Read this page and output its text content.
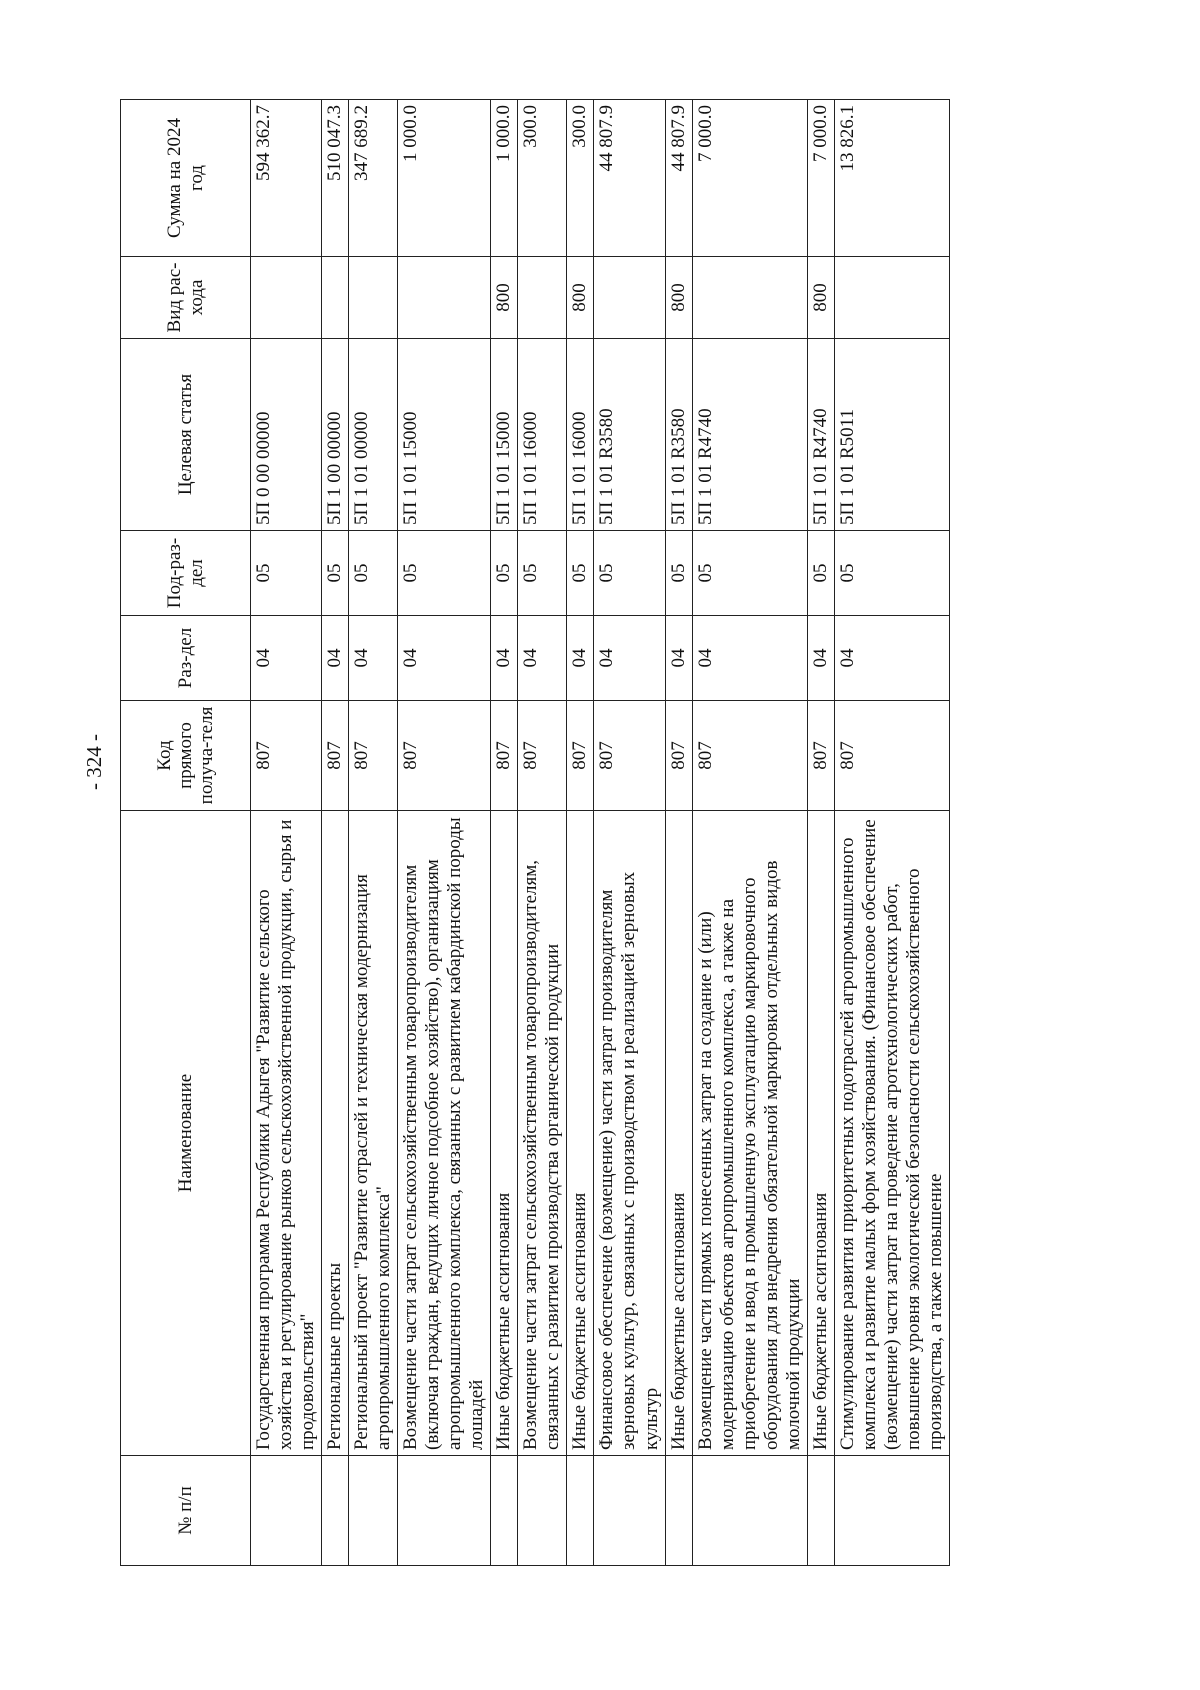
- 324 -
№ п/п	Наименование	Код прямого получа-теля	Раз-дел	Под-раз-дел	Целевая статья	Вид рас-хода	Сумма на 2024 год
	Государственная программа Республики Адыгея "Развитие сельского хозяйства и регулирование рынков сельскохозяйственной продукции, сырья и продовольствия"	807	04	05	5П 0 00 00000		594 362.7
	Региональные проекты	807	04	05	5П 1 00 00000		510 047.3
	Региональный проект "Развитие отраслей и техническая модернизация агропромышленного комплекса"	807	04	05	5П 1 01 00000		347 689.2
	Возмещение части затрат сельскохозяйственным товаропроизводителям (включая граждан, ведущих личное подсобное хозяйство), организациям агропромышленного комплекса, связанных с развитием кабардинской породы лошадей	807	04	05	5П 1 01 15000		1 000.0
	Иные бюджетные ассигнования	807	04	05	5П 1 01 15000	800	1 000.0
	Возмещение части затрат сельскохозяйственным товаропроизводителям, связанных с развитием производства органической продукции	807	04	05	5П 1 01 16000		300.0
	Иные бюджетные ассигнования	807	04	05	5П 1 01 16000	800	300.0
	Финансовое обеспечение (возмещение) части затрат производителям зерновых культур, связанных с производством и реализацией зерновых культур	807	04	05	5П 1 01 R3580		44 807.9
	Иные бюджетные ассигнования	807	04	05	5П 1 01 R3580	800	44 807.9
	Возмещение части прямых понесенных затрат на создание и (или) модернизацию объектов агропромышленного комплекса, а также на приобретение и ввод в промышленную эксплуатацию маркировочного оборудования для внедрения обязательной маркировки отдельных видов молочной продукции	807	04	05	5П 1 01 R4740		7 000.0
	Иные бюджетные ассигнования	807	04	05	5П 1 01 R4740	800	7 000.0
	Стимулирование развития приоритетных подотраслей агропромышленного комплекса и развитие малых форм хозяйствования. (Финансовое обеспечение (возмещение) части затрат на проведение агротехнологических работ, повышение уровня экологической безопасности сельскохозяйственного производства, а также повышение	807	04	05	5П 1 01 R5011		13 826.1
